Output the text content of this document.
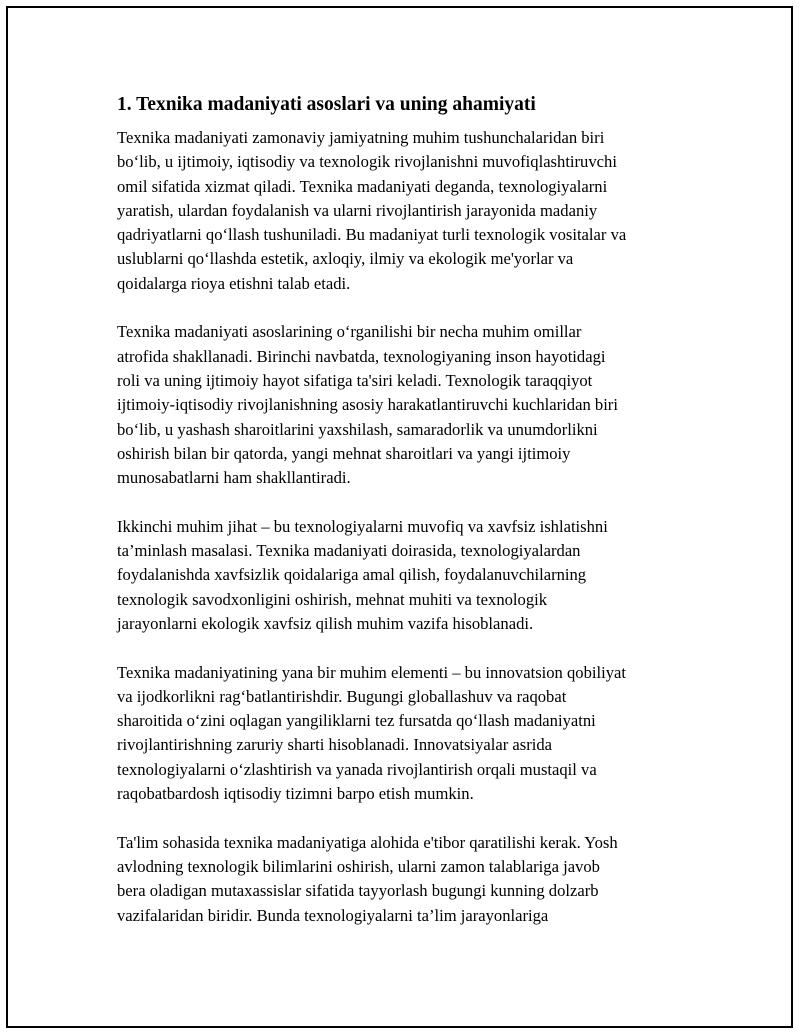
1. Texnika madaniyati asoslari va uning ahamiyati

Texnika madaniyati zamonaviy jamiyatning muhim tushunchalaridan biri
bo‘lib, u ijtimoiy, iqtisodiy va texnologik rivojlanishni muvofiqlashtiruvchi
omil sifatida xizmat qiladi. Texnika madaniyati deganda, texnologiyalarni
yaratish, ulardan foydalanish va ularni rivojlantirish jarayonida madaniy
qadriyatlarni qo‘llash tushuniladi. Bu madaniyat turli texnologik vositalar va
uslublarni qo‘llashda estetik, axloqiy, ilmiy va ekologik me'yorlar va
qoidalarga rioya etishni talab etadi.

Texnika madaniyati asoslarining o‘rganilishi bir necha muhim omillar
atrofida shakllanadi. Birinchi navbatda, texnologiyaning inson hayotidagi
roli va uning ijtimoiy hayot sifatiga ta'siri keladi. Texnologik taraqqiyot
ijtimoiy-iqtisodiy rivojlanishning asosiy harakatlantiruvchi kuchlaridan biri
bo‘lib, u yashash sharoitlarini yaxshilash, samaradorlik va unumdorlikni
oshirish bilan bir qatorda, yangi mehnat sharoitlari va yangi ijtimoiy
munosabatlarni ham shakllantiradi.

Ikkinchi muhim jihat – bu texnologiyalarni muvofiq va xavfsiz ishlatishni
ta’minlash masalasi. Texnika madaniyati doirasida, texnologiyalardan
foydalanishda xavfsizlik qoidalariga amal qilish, foydalanuvchilarning
texnologik savodxonligini oshirish, mehnat muhiti va texnologik
jarayonlarni ekologik xavfsiz qilish muhim vazifa hisoblanadi.

Texnika madaniyatining yana bir muhim elementi – bu innovatsion qobiliyat
va ijodkorlikni rag‘batlantirishdir. Bugungi globallashuv va raqobat
sharoitida o‘zini oqlagan yangiliklarni tez fursatda qo‘llash madaniyatni
rivojlantirishning zaruriy sharti hisoblanadi. Innovatsiyalar asrida
texnologiyalarni o‘zlashtirish va yanada rivojlantirish orqali mustaqil va
raqobatbardosh iqtisodiy tizimni barpo etish mumkin.

Ta'lim sohasida texnika madaniyatiga alohida e'tibor qaratilishi kerak. Yosh
avlodning texnologik bilimlarini oshirish, ularni zamon talablariga javob
bera oladigan mutaxassislar sifatida tayyorlash bugungi kunning dolzarb
vazifalaridan biridir. Bunda texnologiyalarni ta’lim jarayonlariga
